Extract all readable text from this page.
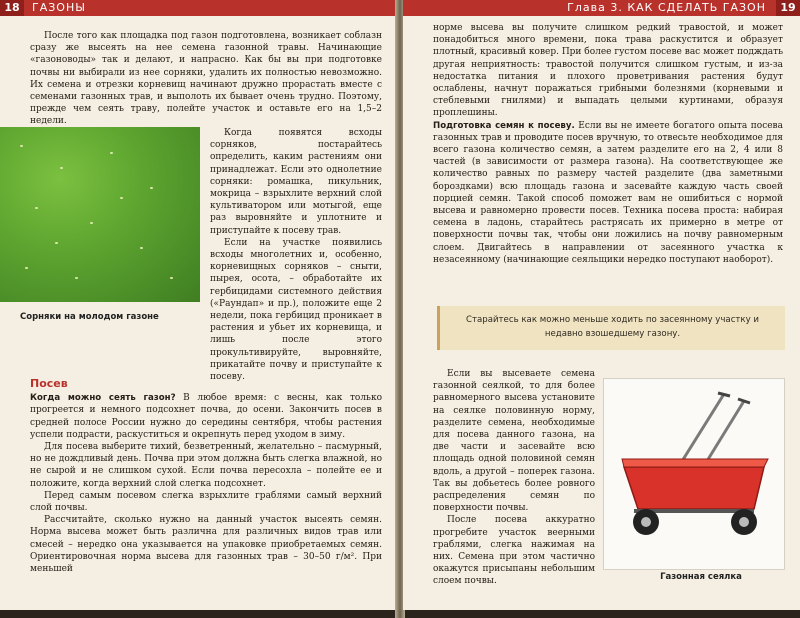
18	ГАЗОНЫ

После того как площадка под газон подготовлена, возникает соблазн сразу же высеять на нее семена газонной травы. Начинающие «газоноводы» так и делают, и напрасно. Как бы вы при подготовке почвы ни выбирали из нее сорняки, удалить их полностью невозможно. Их семена и отрезки корневищ начинают дружно прорастать вместе с семенами газонных трав, и выполоть их бывает очень трудно. Поэтому, прежде чем сеять траву, полейте участок и оставьте его на 1,5–2 недели.

Сорняки на молодом газоне

Когда появятся всходы сорняков, постарайтесь определить, каким растениям они принадлежат. Если это однолетние сорняки: ромашка, пикульник, мокрица – взрыхлите верхний слой культиватором или мотыгой, еще раз выровняйте и уплотните и приступайте к посеву трав.

Если на участке появились всходы многолетних и, особенно, корневищных сорняков – сныти, пырея, осота, – обработайте их гербицидами системного действия («Раундап» и пр.), положите еще 2 недели, пока гербицид проникает в растения и убьет их корневища, и лишь после этого прокультивируйте, выровняйте, прикатайте почву и приступайте к посеву.

Посев

Когда можно сеять газон? В любое время: с весны, как только прогреется и немного подсохнет почва, до осени. Закончить посев в средней полосе России нужно до середины сентября, чтобы растения успели подрасти, раскуститься и окрепнуть перед уходом в зиму.

Для посева выберите тихий, безветренный, желательно – пасмурный, но не дождливый день. Почва при этом должна быть слегка влажной, но не сырой и не слишком сухой. Если почва пересохла – полейте ее и положите, когда верхний слой слегка подсохнет.

Перед самым посевом слегка взрыхлите граблями самый верхний слой почвы.

Рассчитайте, сколько нужно на данный участок высеять семян. Норма высева может быть различна для различных видов трав или смесей – нередко она указывается на упаковке приобретаемых семян. Ориентировочная норма высева для газонных трав – 30–50 г/м². При меньшей

Глава 3. КАК СДЕЛАТЬ ГАЗОН	19

норме высева вы получите слишком редкий травостой, и может понадобиться много времени, пока трава раскустится и образует плотный, красивый ковер. При более густом посеве вас может подждать другая неприятность: травостой получится слишком густым, и из-за недостатка питания и плохого проветривания растения будут ослаблены, начнут поражаться грибными болезнями (корневыми и стеблевыми гнилями) и выпадать целыми куртинами, образуя проплешины.

Подготовка семян к посеву. Если вы не имеете богатого опыта посева газонных трав и проводите посев вручную, то отвесьте необходимое для всего газона количество семян, а затем разделите его на 2, 4 или 8 частей (в зависимости от размера газона). На соответствующее же количество равных по размеру частей разделите (два заметными бороздками) всю площадь газона и засевайте каждую часть своей порцией семян. Такой способ поможет вам не ошибиться с нормой высева и равномерно провести посев. Техника посева проста: набирая семена в ладонь, старайтесь растрясать их примерно в метре от поверхности почвы так, чтобы они ложились на почву равномерным слоем. Двигайтесь в направлении от засеянного участка к незасеянному (начинающие сеяльщики нередко поступают наоборот).

Старайтесь как можно меньше ходить по засеянному участку и недавно взошедшему газону.

Если вы высеваете семена газонной сеялкой, то для более равномерного высева установите на сеялке половинную норму, разделите семена, необходимые для посева данного газона, на две части и засевайте всю площадь одной половиной семян вдоль, а другой – поперек газона. Так вы добьетесь более ровного распределения семян по поверхности почвы.

После посева аккуратно прогребите участок веерными граблями, слегка нажимая на них. Семена при этом частично окажутся присыпаны небольшим слоем почвы.	Газонная сеялка
